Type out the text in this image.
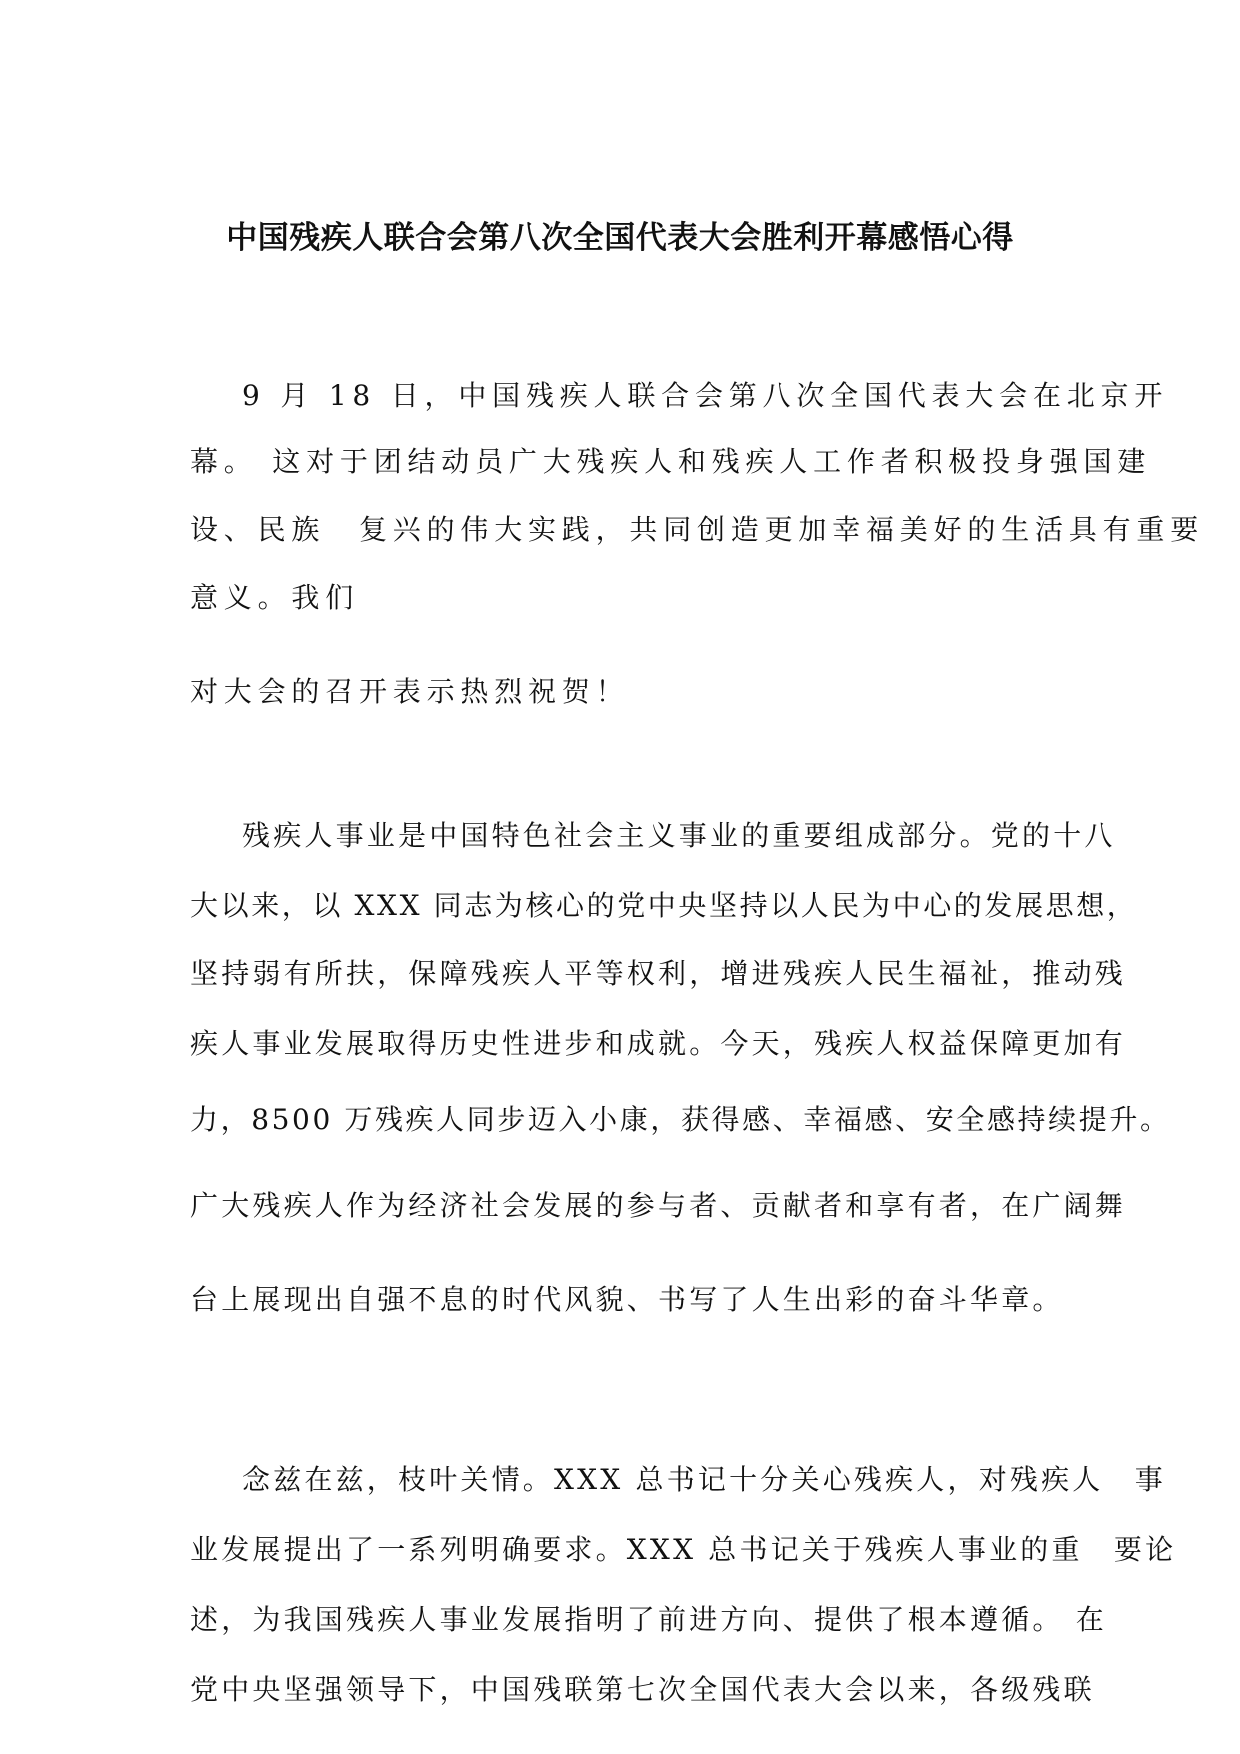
中国残疾人联合会第八次全国代表大会胜利开幕感悟心得
9 月 18 日，中国残疾人联合会第八次全国代表大会在北京开
幕。 这对于团结动员广大残疾人和残疾人工作者积极投身强国建
设、民族　复兴的伟大实践，共同创造更加幸福美好的生活具有重要
意义。我们
对大会的召开表示热烈祝贺！
残疾人事业是中国特色社会主义事业的重要组成部分。党的十八
大以来，以 XXX 同志为核心的党中央坚持以人民为中心的发展思想，
坚持弱有所扶，保障残疾人平等权利，增进残疾人民生福祉，推动残
疾人事业发展取得历史性进步和成就。今天，残疾人权益保障更加有
力，8500 万残疾人同步迈入小康，获得感、幸福感、安全感持续提升。
广大残疾人作为经济社会发展的参与者、贡献者和享有者，在广阔舞
台上展现出自强不息的时代风貌、书写了人生出彩的奋斗华章。
念兹在兹，枝叶关情。XXX 总书记十分关心残疾人，对残疾人　事
业发展提出了一系列明确要求。XXX 总书记关于残疾人事业的重　要论
述，为我国残疾人事业发展指明了前进方向、提供了根本遵循。 在
党中央坚强领导下，中国残联第七次全国代表大会以来，各级残联
